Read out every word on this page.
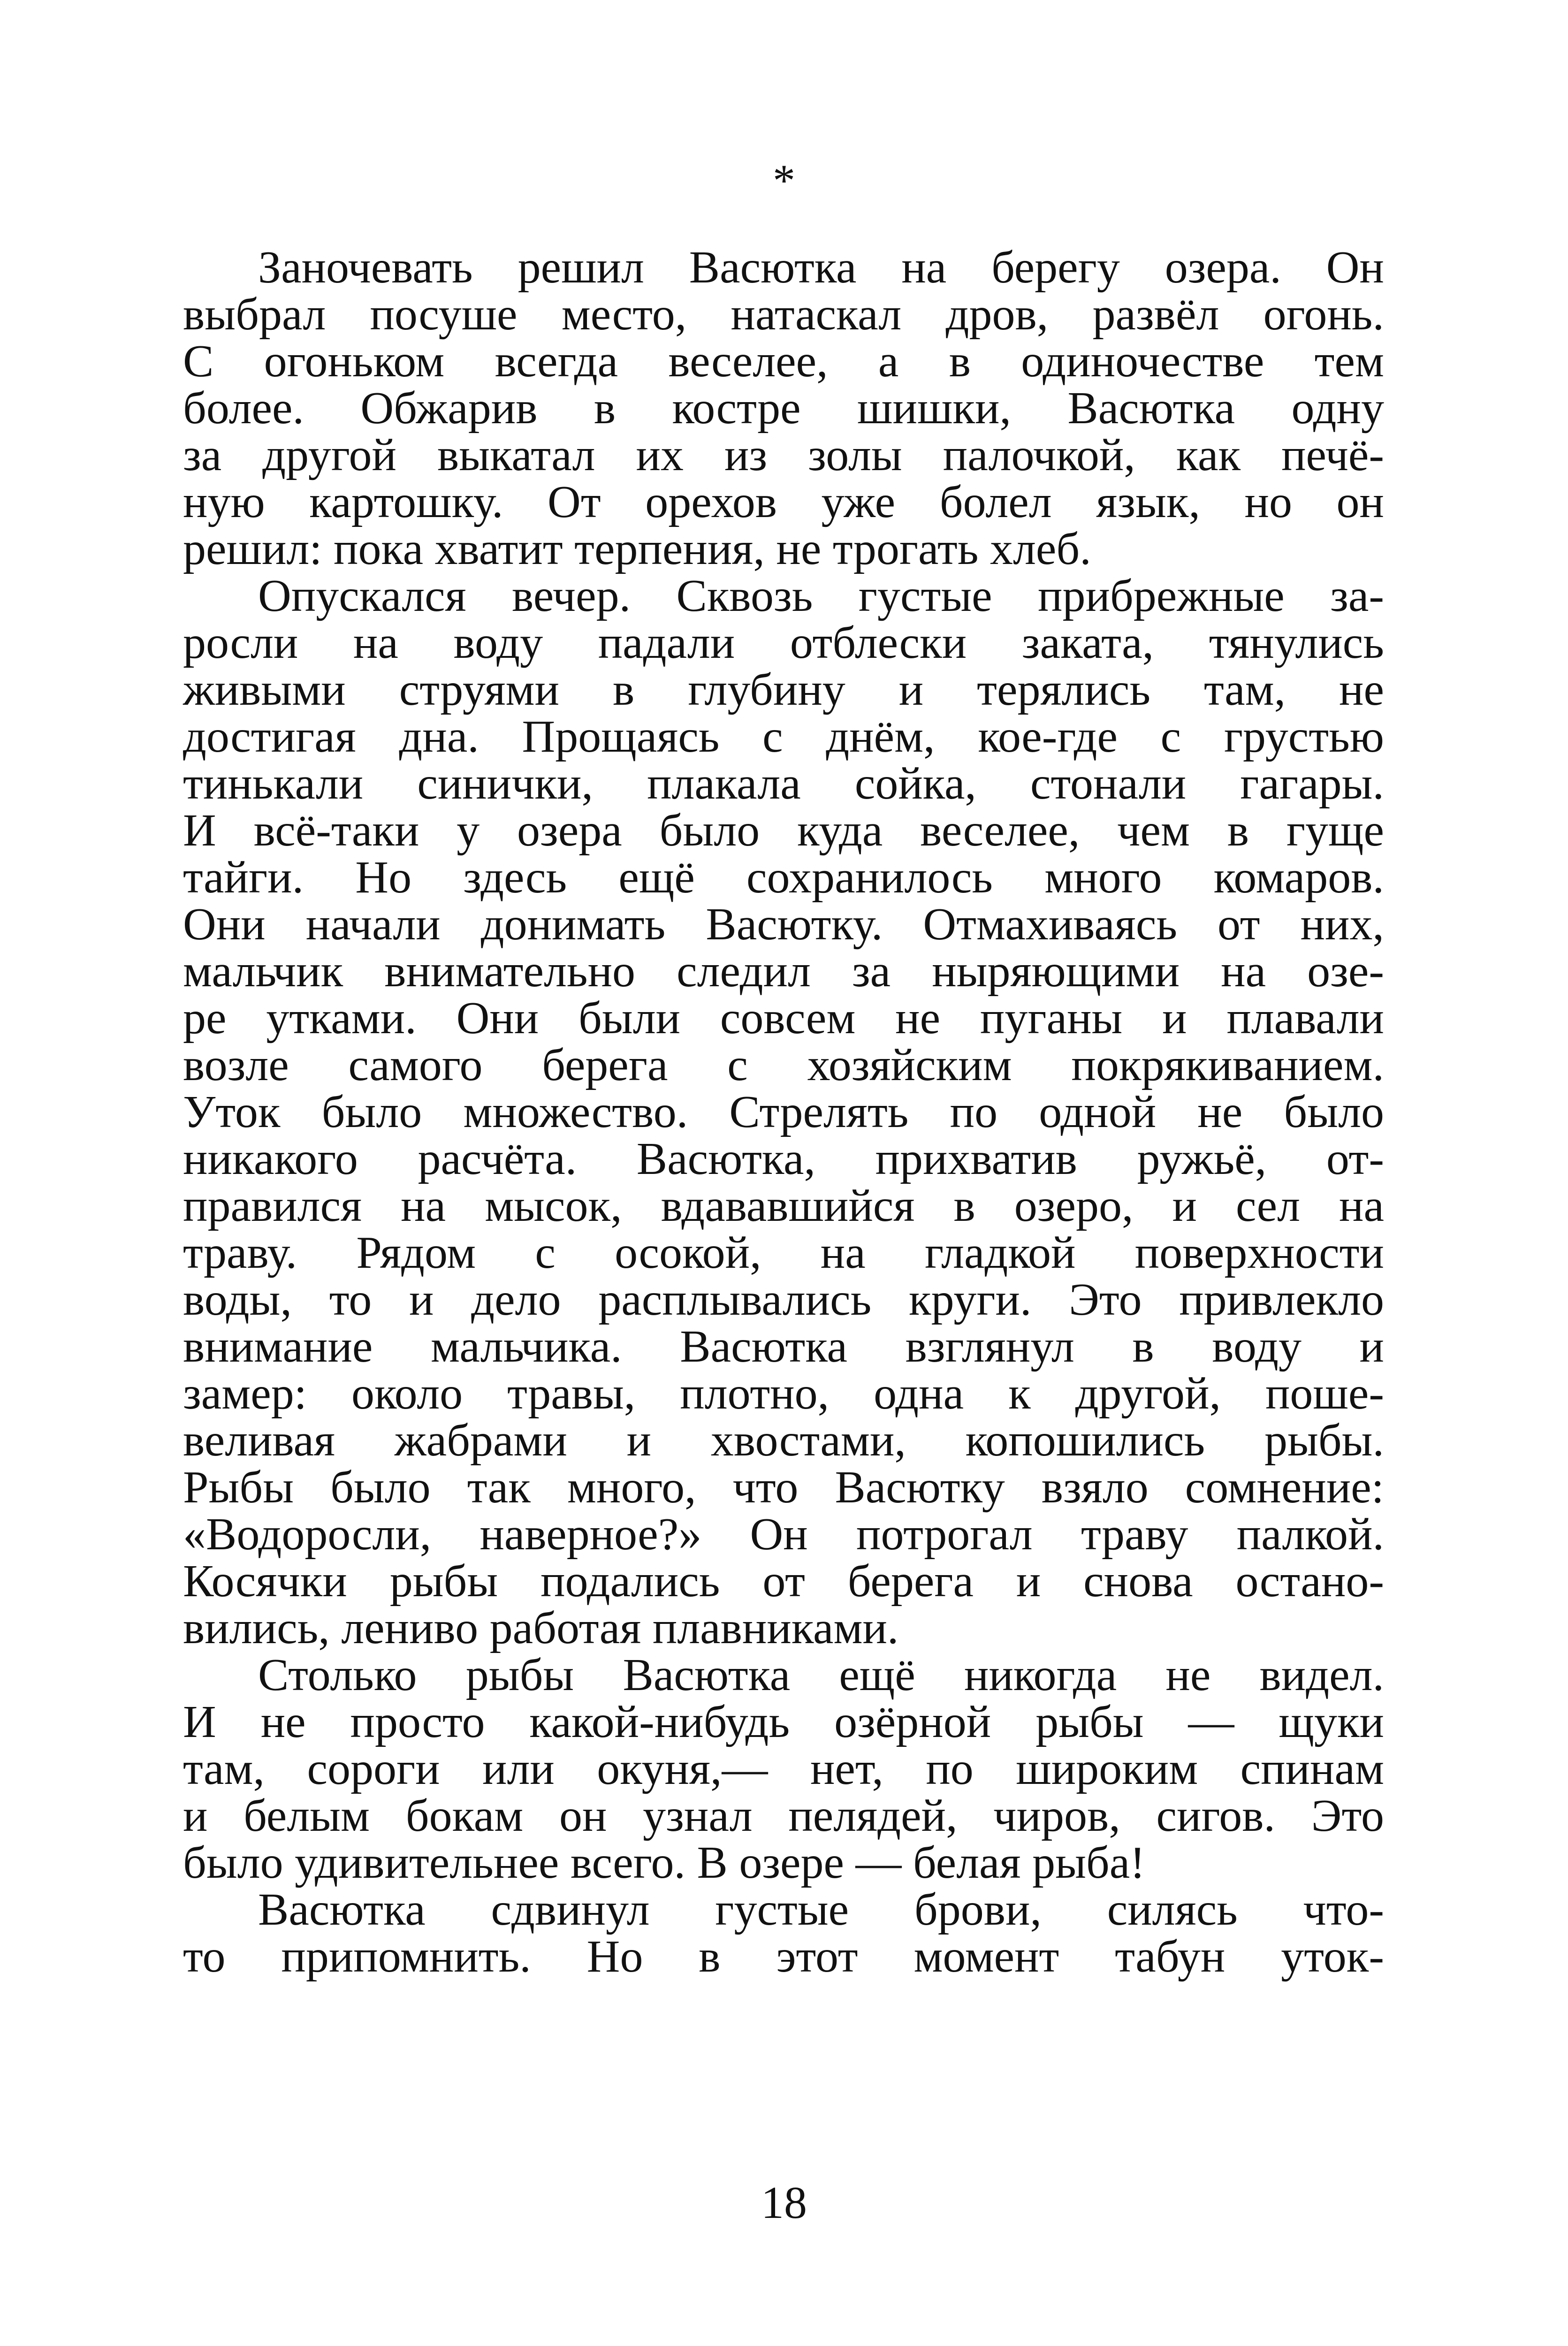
*
Заночевать решил Васютка на берегу озера. Он
выбрал посуше место, натаскал дров, развёл огонь.
С огоньком всегда веселее, а в одиночестве тем
более. Обжарив в костре шишки, Васютка одну
за другой выкатал их из золы палочкой, как печё-
ную картошку. От орехов уже болел язык, но он
решил: пока хватит терпения, не трогать хлеб.
Опускался вечер. Сквозь густые прибрежные за-
росли на воду падали отблески заката, тянулись
живыми струями в глубину и терялись там, не
достигая дна. Прощаясь с днём, кое-где с грустью
тинькали синички, плакала сойка, стонали гагары.
И всё-таки у озера было куда веселее, чем в гуще
тайги. Но здесь ещё сохранилось много комаров.
Они начали донимать Васютку. Отмахиваясь от них,
мальчик внимательно следил за ныряющими на озе-
ре утками. Они были совсем не пуганы и плавали
возле самого берега с хозяйским покрякиванием.
Уток было множество. Стрелять по одной не было
никакого расчёта. Васютка, прихватив ружьё, от-
правился на мысок, вдававшийся в озеро, и сел на
траву. Рядом с осокой, на гладкой поверхности
воды, то и дело расплывались круги. Это привлекло
внимание мальчика. Васютка взглянул в воду и
замер: около травы, плотно, одна к другой, поше-
веливая жабрами и хвостами, копошились рыбы.
Рыбы было так много, что Васютку взяло сомнение:
«Водоросли, наверное?» Он потрогал траву палкой.
Косячки рыбы подались от берега и снова остано-
вились, лениво работая плавниками.
Столько рыбы Васютка ещё никогда не видел.
И не просто какой-нибудь озёрной рыбы — щуки
там, сороги или окуня,— нет, по широким спинам
и белым бокам он узнал пелядей, чиров, сигов. Это
было удивительнее всего. В озере — белая рыба!
Васютка сдвинул густые брови, силясь что-
то припомнить. Но в этот момент табун уток-
18
